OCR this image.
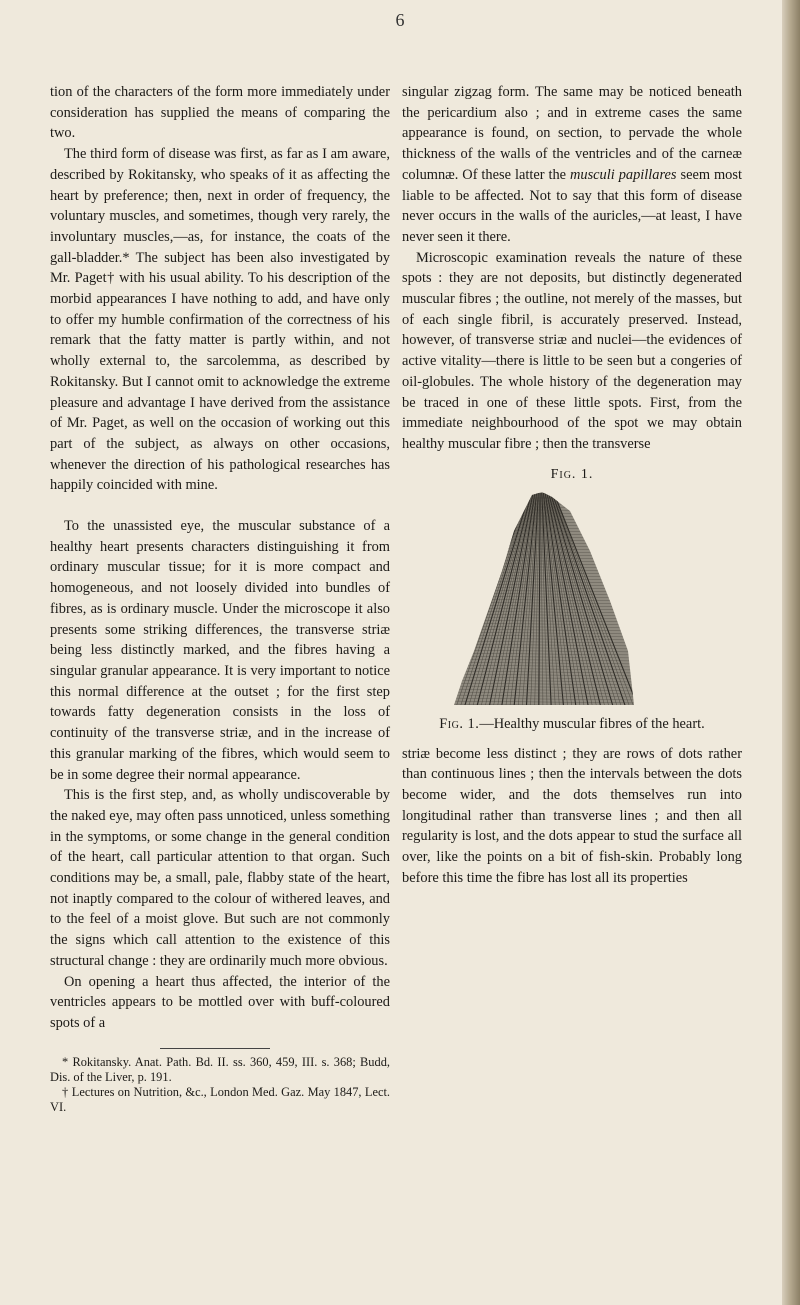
6

tion of the characters of the form more immediately under consideration has supplied the means of comparing the two.

The third form of disease was first, as far as I am aware, described by Rokitansky, who speaks of it as affecting the heart by preference; then, next in order of frequency, the voluntary muscles, and sometimes, though very rarely, the involuntary muscles,—as, for instance, the coats of the gall-bladder.* The subject has been also investigated by Mr. Paget† with his usual ability. To his description of the morbid appearances I have nothing to add, and have only to offer my humble confirmation of the correctness of his remark that the fatty matter is partly within, and not wholly external to, the sarcolemma, as described by Rokitansky. But I cannot omit to acknowledge the extreme pleasure and advantage I have derived from the assistance of Mr. Paget, as well on the occasion of working out this part of the subject, as always on other occasions, whenever the direction of his pathological researches has happily coincided with mine.

To the unassisted eye, the muscular substance of a healthy heart presents characters distinguishing it from ordinary muscular tissue; for it is more compact and homogeneous, and not loosely divided into bundles of fibres, as is ordinary muscle. Under the microscope it also presents some striking differences, the transverse striæ being less distinctly marked, and the fibres having a singular granular appearance. It is very important to notice this normal difference at the outset ; for the first step towards fatty degeneration consists in the loss of continuity of the transverse striæ, and in the increase of this granular marking of the fibres, which would seem to be in some degree their normal appearance.

This is the first step, and, as wholly undiscoverable by the naked eye, may often pass unnoticed, unless something in the symptoms, or some change in the general condition of the heart, call particular attention to that organ. Such conditions may be, a small, pale, flabby state of the heart, not inaptly compared to the colour of withered leaves, and to the feel of a moist glove. But such are not commonly the signs which call attention to the existence of this structural change : they are ordinarily much more obvious.

On opening a heart thus affected, the interior of the ventricles appears to be mottled over with buff-coloured spots of a

* Rokitansky. Anat. Path. Bd. II. ss. 360, 459, III. s. 368; Budd, Dis. of the Liver, p. 191.

† Lectures on Nutrition, &c., London Med. Gaz. May 1847, Lect. VI.

singular zigzag form. The same may be noticed beneath the pericardium also ; and in extreme cases the same appearance is found, on section, to pervade the whole thickness of the walls of the ventricles and of the carneæ columnæ. Of these latter the musculi papillares seem most liable to be affected. Not to say that this form of disease never occurs in the walls of the auricles,—at least, I have never seen it there.

Microscopic examination reveals the nature of these spots : they are not deposits, but distinctly degenerated muscular fibres ; the outline, not merely of the masses, but of each single fibril, is accurately preserved. Instead, however, of transverse striæ and nuclei—the evidences of active vitality—there is little to be seen but a congeries of oil-globules. The whole history of the degeneration may be traced in one of these little spots. First, from the immediate neighbourhood of the spot we may obtain healthy muscular fibre ; then the transverse

Fig. 1.
Fig. 1.—Healthy muscular fibres of the heart.

striæ become less distinct ; they are rows of dots rather than continuous lines ; then the intervals between the dots become wider, and the dots themselves run into longitudinal rather than transverse lines ; and then all regularity is lost, and the dots appear to stud the surface all over, like the points on a bit of fish-skin. Probably long before this time the fibre has lost all its properties
